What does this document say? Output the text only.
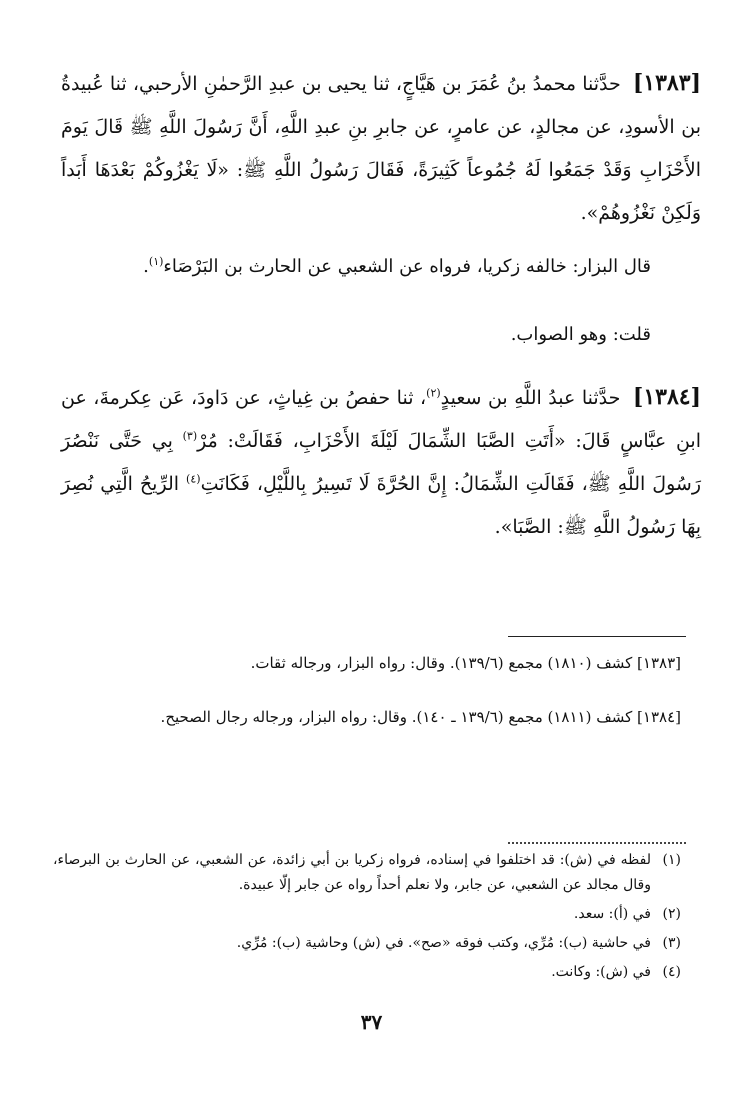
[١٣٨٣] حدَّثنا محمدُ بنُ عُمَرَ بن هَيَّاجٍ، ثنا يحيى بن عبدِ الرَّحمٰنِ الأرحبي، ثنا عُبيدةُ بن الأسودِ، عن مجالدٍ، عن عامرٍ، عن جابرِ بنِ عبدِ اللَّهِ، أَنَّ رَسُولَ اللَّهِ ﷺ قَالَ يَومَ الأَحْزَابِ وَقَدْ جَمَعُوا لَهُ جُمُوعاً كَثِيرَةً، فَقَالَ رَسُولُ اللَّهِ ﷺ: «لَا يَغْزُوكُمْ بَعْدَهَا أَبَداً وَلَكِنْ نَغْزُوهُمْ».

قال البزار: خالفه زكريا، فرواه عن الشعبي عن الحارث بن البَرْصَاء$^{(١)}$.

قلت: وهو الصواب.

[١٣٨٤] حدَّثنا عبدُ اللَّهِ بن سعيدٍ$^{(٢)}$، ثنا حفصُ بن غِياثٍ، عن دَاودَ، عَن عِكرمةَ، عن ابنِ عبَّاسٍ قَالَ: «أَتَتِ الصَّبَا الشِّمَالَ لَيْلَةَ الأَحْزَابِ، فَقَالَتْ: مُرْ$^{(٣)}$ بِي حَتَّى نَنْصُرَ رَسُولَ اللَّهِ ﷺ، فَقَالَتِ الشِّمَالُ: إِنَّ الحُرَّةَ لَا تَسِيرُ بِاللَّيْلِ، فَكَانَتِ$^{(٤)}$ الرِّيحُ الَّتِي نُصِرَ بِهَا رَسُولُ اللَّهِ ﷺ: الصَّبَا».

[١٣٨٣] كشف (١٨١٠) مجمع (١٣٩/٦). وقال: رواه البزار، ورجاله ثقات.

[١٣٨٤] كشف (١٨١١) مجمع (١٣٩/٦ ـ ١٤٠). وقال: رواه البزار، ورجاله رجال الصحيح.

(١)
لفظه في (ش): قد اختلفوا في إسناده، فرواه زكريا بن أبي زائدة، عن الشعبي، عن الحارث بن البرصاء، وقال مجالد عن الشعبي، عن جابر، ولا نعلم أحداً رواه عن جابر إلّا عبيدة.
(٢)
في (أ): سعد.
(٣)
في حاشية (ب): مُرِّي، وكتب فوقه «صح». في (ش) وحاشية (ب): مُرِّي.
(٤)
في (ش): وكانت.
٣٧
